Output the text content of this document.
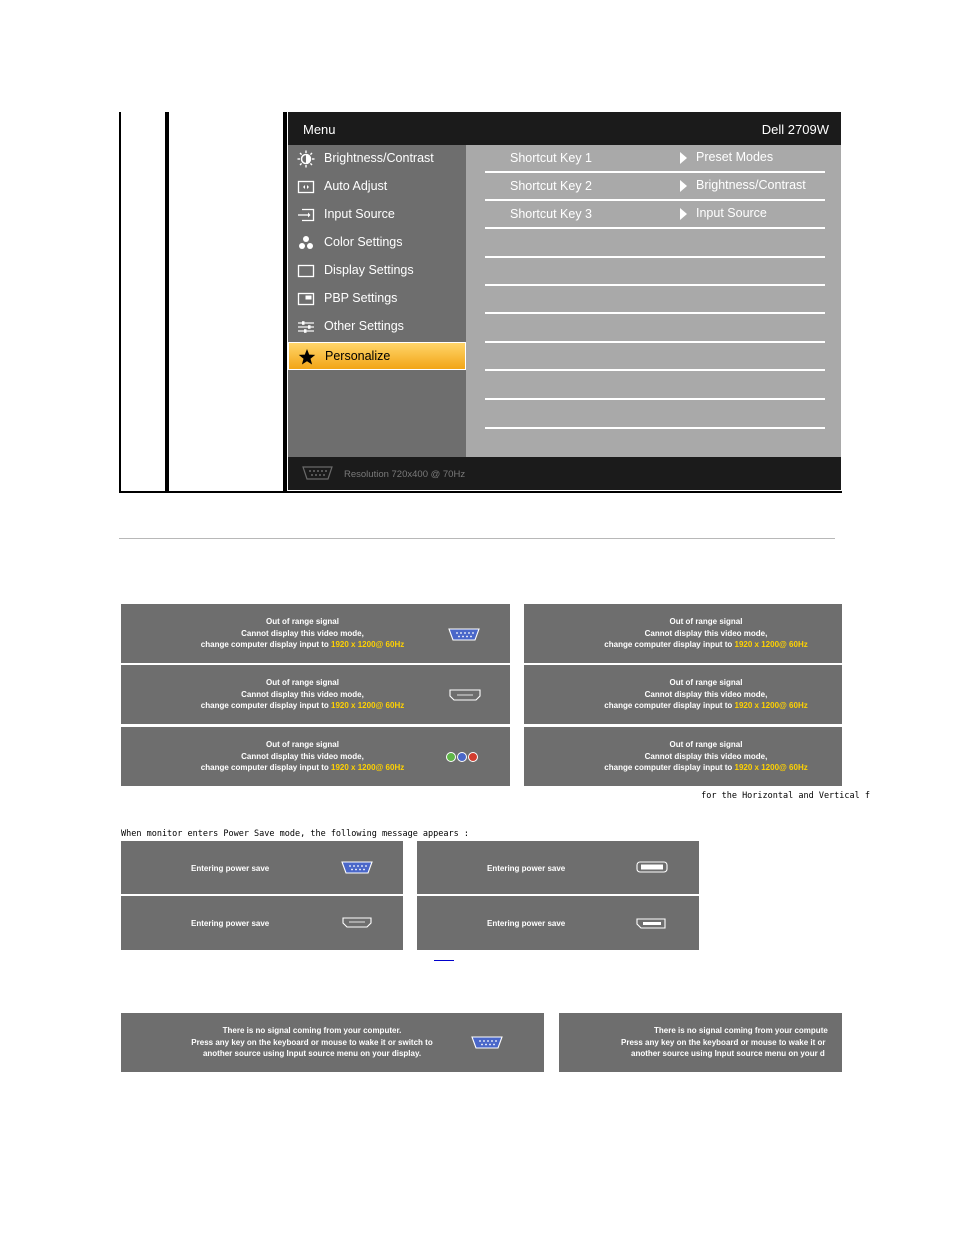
Menu	Dell 2709W
Brightness/Contrast
Auto Adjust
Input Source
Color Settings
Display Settings
PBP Settings
Other Settings
Personalize
Shortcut Key 1	Preset Modes
Shortcut Key 2	Brightness/Contrast
Shortcut Key 3	Input Source
Resolution 720x400 @ 70Hz
Out of range signal
Cannot display this video mode,
change computer display input to 1920 x 1200@ 60Hz
Out of range signal
Cannot display this video mode,
change computer display input to 1920 x 1200@ 60Hz
Out of range signal
Cannot display this video mode,
change computer display input to 1920 x 1200@ 60Hz
Out of range signal
Cannot display this video mode,
change computer display input to 1920 x 1200@ 60Hz
Out of range signal
Cannot display this video mode,
change computer display input to 1920 x 1200@ 60Hz
Out of range signal
Cannot display this video mode,
change computer display input to 1920 x 1200@ 60Hz
for the Horizontal and Vertical f
When monitor enters Power Save mode, the following message appears :
Entering power save	Entering power save
Entering power save	Entering power save
There is no signal coming from your computer.
Press any key on the keyboard or mouse to wake it or switch to
another source using Input source menu on your display.
There is no signal coming from your compute
Press any key on the keyboard or mouse to wake it or
another source using Input source menu on your d
